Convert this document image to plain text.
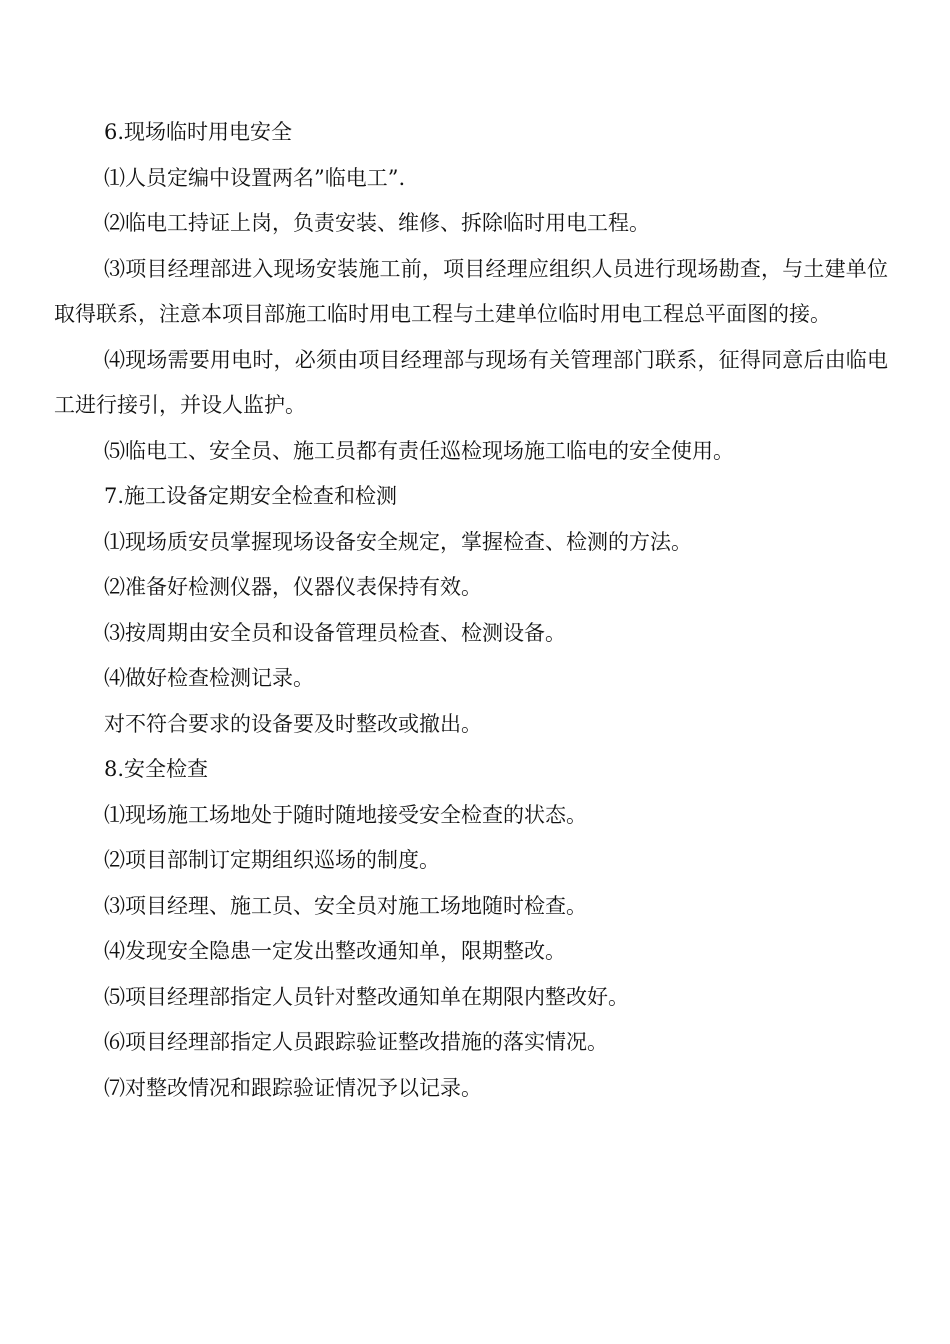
6.现场临时用电安全

⑴人员定编中设置两名”临电工”.

⑵临电工持证上岗，负责安装、维修、拆除临时用电工程。

⑶项目经理部进入现场安装施工前，项目经理应组织人员进行现场勘查，与土建单位取得联系，注意本项目部施工临时用电工程与土建单位临时用电工程总平面图的接。

⑷现场需要用电时，必须由项目经理部与现场有关管理部门联系，征得同意后由临电工进行接引，并设人监护。

⑸临电工、安全员、施工员都有责任巡检现场施工临电的安全使用。

7.施工设备定期安全检查和检测

⑴现场质安员掌握现场设备安全规定，掌握检查、检测的方法。

⑵准备好检测仪器，仪器仪表保持有效。

⑶按周期由安全员和设备管理员检查、检测设备。

⑷做好检查检测记录。

对不符合要求的设备要及时整改或撤出。

8.安全检查

⑴现场施工场地处于随时随地接受安全检查的状态。

⑵项目部制订定期组织巡场的制度。

⑶项目经理、施工员、安全员对施工场地随时检查。

⑷发现安全隐患一定发出整改通知单，限期整改。

⑸项目经理部指定人员针对整改通知单在期限内整改好。

⑹项目经理部指定人员跟踪验证整改措施的落实情况。

⑺对整改情况和跟踪验证情况予以记录。
